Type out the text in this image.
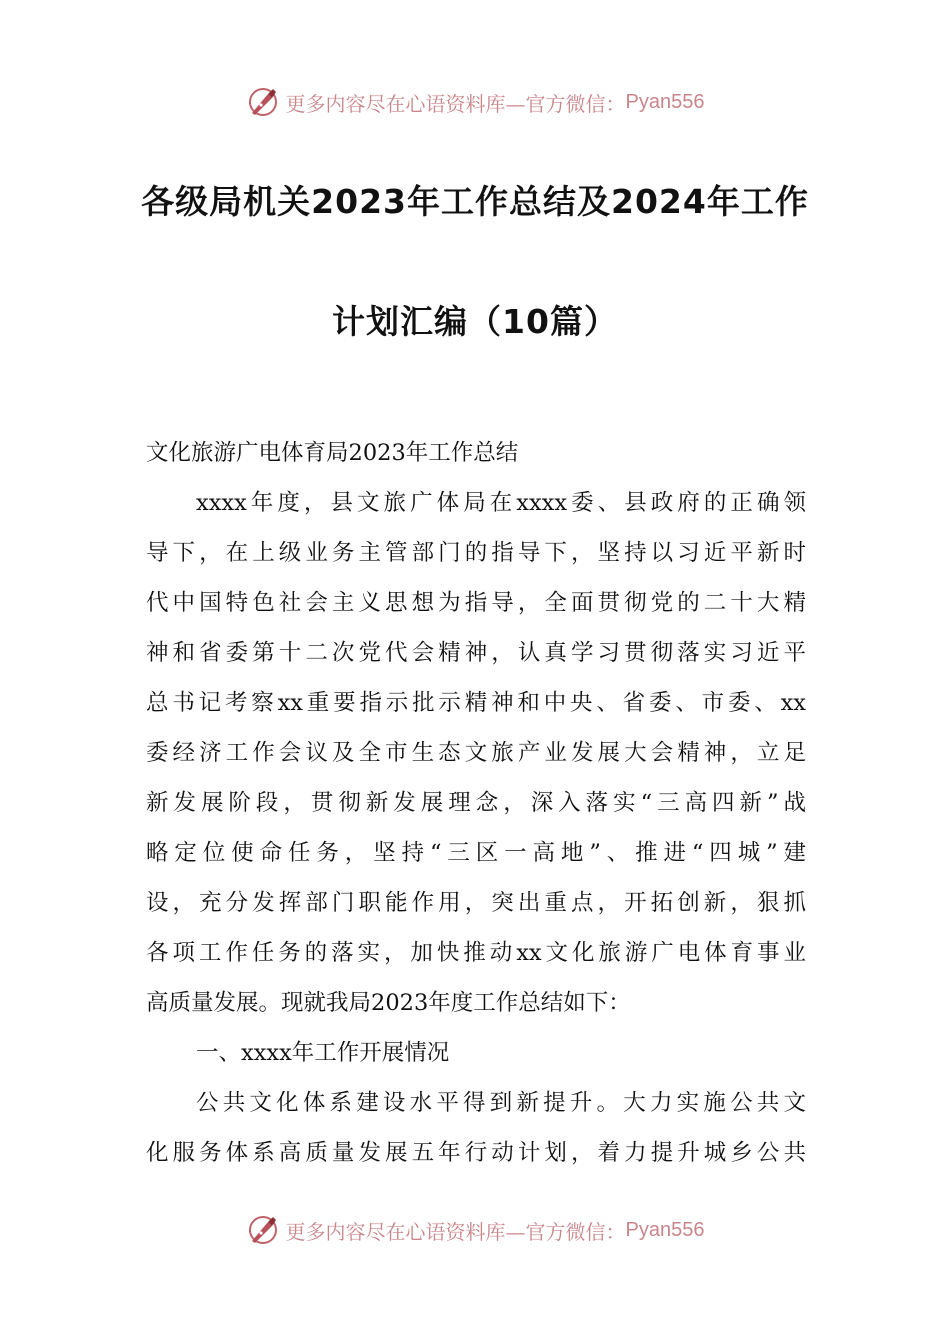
更多内容尽在心语资料库—官方微信： Pyan556
各级局机关2023年工作总结及2024年工作
计划汇编（10篇）
文化旅游广电体育局2023年工作总结
xxxx年度，县文旅广体局在xxxx委、县政府的正确领
导下，在上级业务主管部门的指导下，坚持以习近平新时
代中国特色社会主义思想为指导，全面贯彻党的二十大精
神和省委第十二次党代会精神，认真学习贯彻落实习近平
总书记考察xx重要指示批示精神和中央、省委、市委、xx
委经济工作会议及全市生态文旅产业发展大会精神，立足
新发展阶段，贯彻新发展理念，深入落实“三高四新”战
略定位使命任务，坚持“三区一高地”、推进“四城”建
设，充分发挥部门职能作用，突出重点，开拓创新，狠抓
各项工作任务的落实，加快推动xx文化旅游广电体育事业
高质量发展。现就我局2023年度工作总结如下：
一、xxxx年工作开展情况
公共文化体系建设水平得到新提升。大力实施公共文
化服务体系高质量发展五年行动计划，着力提升城乡公共
更多内容尽在心语资料库—官方微信： Pyan556
